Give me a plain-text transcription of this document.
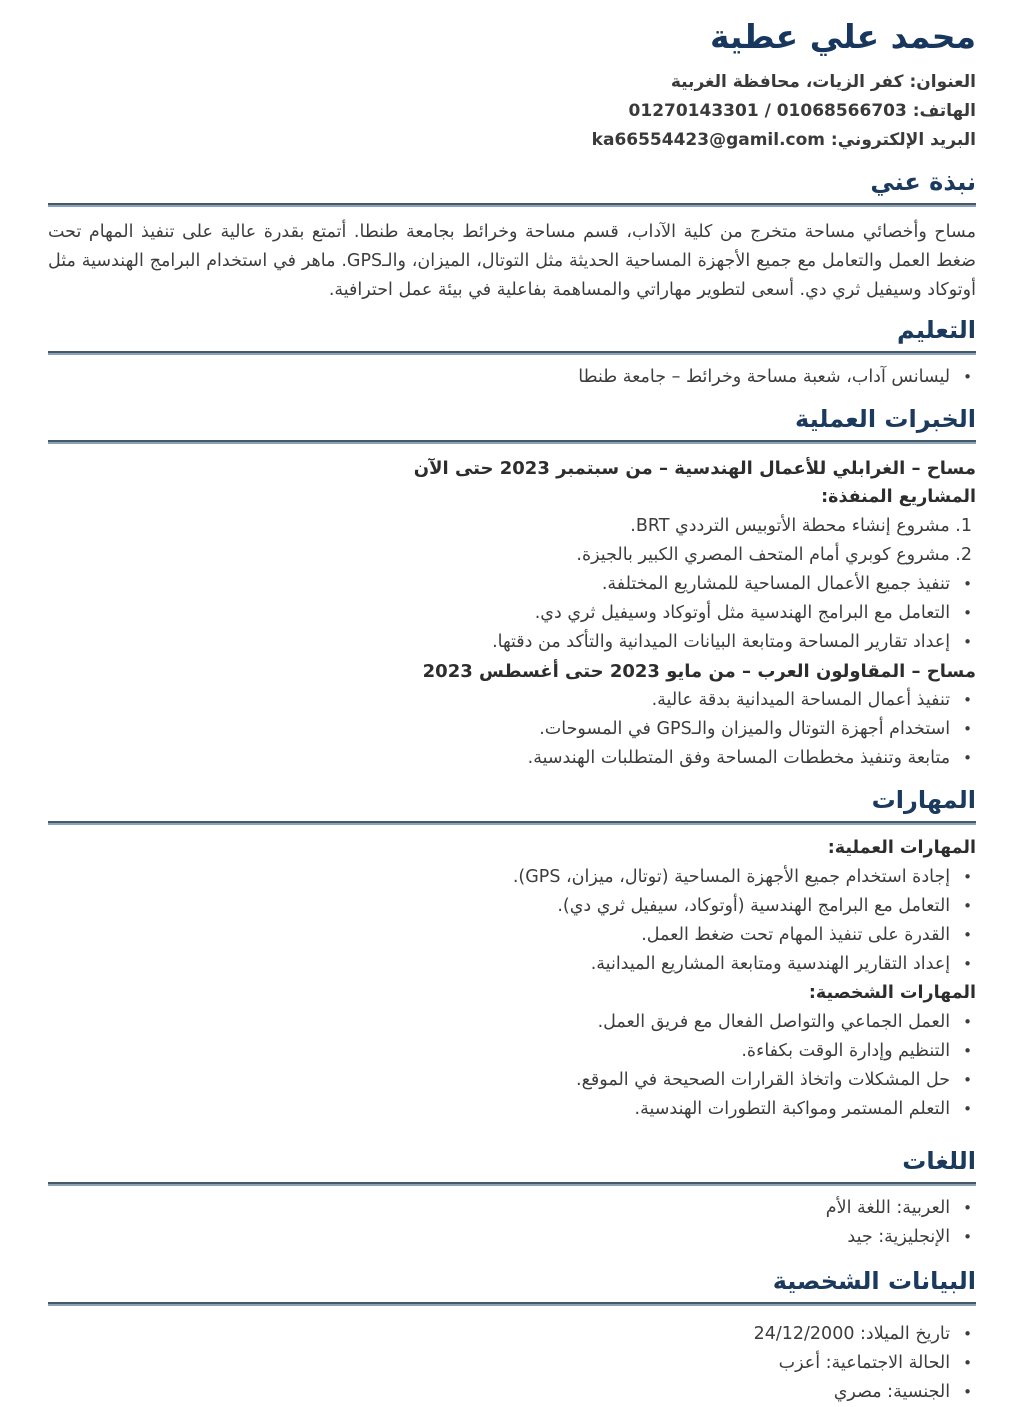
محمد علي عطية
العنوان: كفر الزيات، محافظة الغربية
الهاتف: 01068566703 / 01270143301
البريد الإلكتروني: ka66554423@gamil.com
نبذة عني

مساح وأخصائي مساحة متخرج من كلية الآداب، قسم مساحة وخرائط بجامعة طنطا. أتمتع بقدرة عالية على تنفيذ المهام تحت ضغط العمل والتعامل مع جميع الأجهزة المساحية الحديثة مثل التوتال، الميزان، والـGPS. ماهر في استخدام البرامج الهندسية مثل أوتوكاد وسيفيل ثري دي. أسعى لتطوير مهاراتي والمساهمة بفاعلية في بيئة عمل احترافية.

التعليم
• ليسانس آداب، شعبة مساحة وخرائط – جامعة طنطا
الخبرات العملية
مساح – الغرابلي للأعمال الهندسية – من سبتمبر 2023 حتى الآن
المشاريع المنفذة:
1. مشروع إنشاء محطة الأتوبيس الترددي BRT.
2. مشروع كوبري أمام المتحف المصري الكبير بالجيزة.
• تنفيذ جميع الأعمال المساحية للمشاريع المختلفة.
• التعامل مع البرامج الهندسية مثل أوتوكاد وسيفيل ثري دي.
• إعداد تقارير المساحة ومتابعة البيانات الميدانية والتأكد من دقتها.
مساح – المقاولون العرب – من مايو 2023 حتى أغسطس 2023
• تنفيذ أعمال المساحة الميدانية بدقة عالية.
• استخدام أجهزة التوتال والميزان والـGPS في المسوحات.
• متابعة وتنفيذ مخططات المساحة وفق المتطلبات الهندسية.
المهارات
المهارات العملية:
• إجادة استخدام جميع الأجهزة المساحية (توتال، ميزان، GPS).
• التعامل مع البرامج الهندسية (أوتوكاد، سيفيل ثري دي).
• القدرة على تنفيذ المهام تحت ضغط العمل.
• إعداد التقارير الهندسية ومتابعة المشاريع الميدانية.
المهارات الشخصية:
• العمل الجماعي والتواصل الفعال مع فريق العمل.
• التنظيم وإدارة الوقت بكفاءة.
• حل المشكلات واتخاذ القرارات الصحيحة في الموقع.
• التعلم المستمر ومواكبة التطورات الهندسية.
اللغات
• العربية: اللغة الأم
• الإنجليزية: جيد
البيانات الشخصية
• تاريخ الميلاد: 24/12/2000
• الحالة الاجتماعية: أعزب
• الجنسية: مصري
